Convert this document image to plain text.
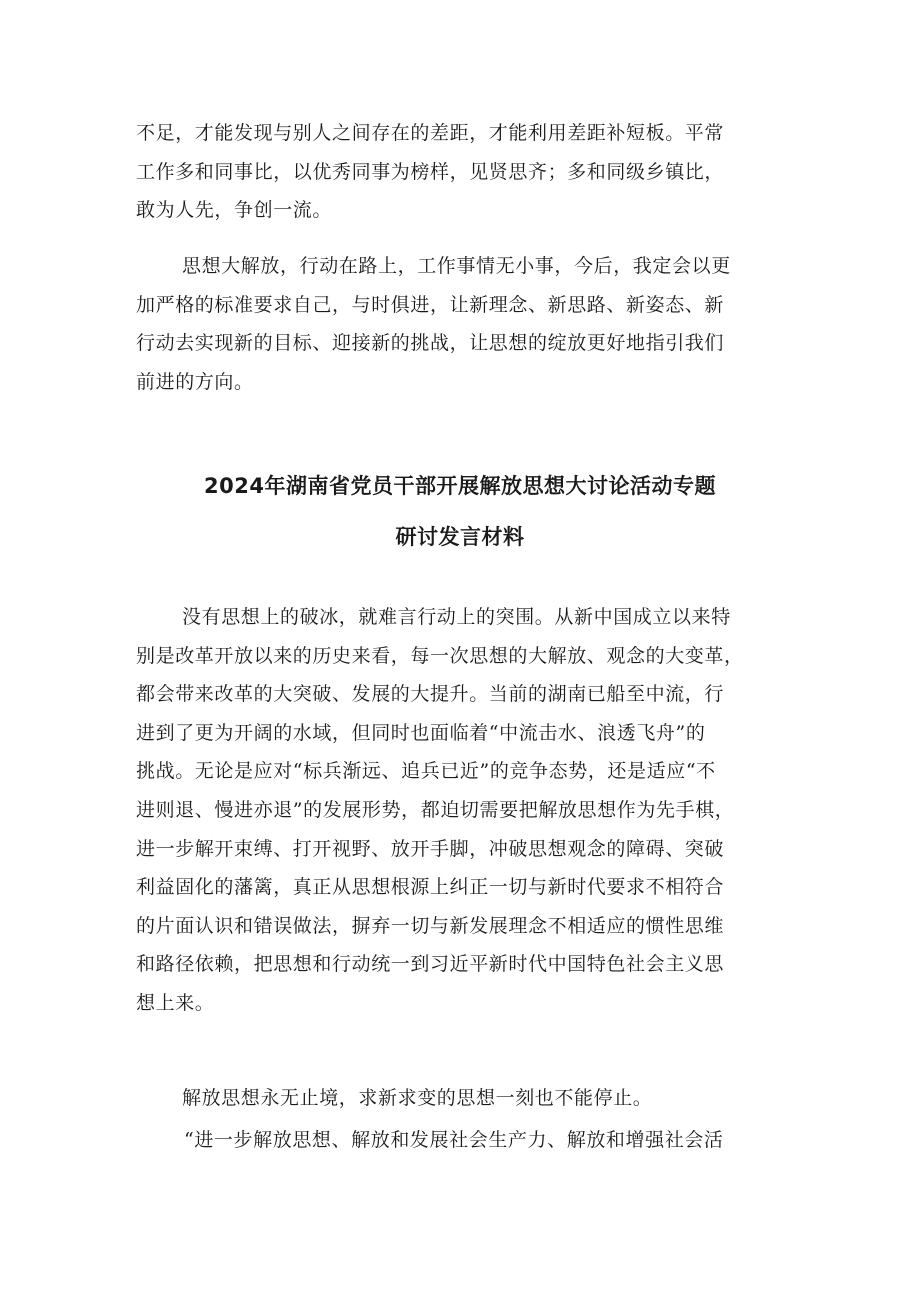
不足，才能发现与别人之间存在的差距，才能利用差距补短板。平常
工作多和同事比，以优秀同事为榜样，见贤思齐；多和同级乡镇比，
敢为人先，争创一流。
思想大解放，行动在路上，工作事情无小事，今后，我定会以更
加严格的标准要求自己，与时俱进，让新理念、新思路、新姿态、新
行动去实现新的目标、迎接新的挑战，让思想的绽放更好地指引我们
前进的方向。
2024年湖南省党员干部开展解放思想大讨论活动专题
研讨发言材料
没有思想上的破冰，就难言行动上的突围。从新中国成立以来特
别是改革开放以来的历史来看，每一次思想的大解放、观念的大变革，
都会带来改革的大突破、发展的大提升。当前的湖南已船至中流，行
进到了更为开阔的水域，但同时也面临着“中流击水、浪透飞舟”的
挑战。无论是应对“标兵渐远、追兵已近”的竞争态势，还是适应“不
进则退、慢进亦退”的发展形势，都迫切需要把解放思想作为先手棋，
进一步解开束缚、打开视野、放开手脚，冲破思想观念的障碍、突破
利益固化的藩篱，真正从思想根源上纠正一切与新时代要求不相符合
的片面认识和错误做法，摒弃一切与新发展理念不相适应的惯性思维
和路径依赖，把思想和行动统一到习近平新时代中国特色社会主义思
想上来。
解放思想永无止境，求新求变的思想一刻也不能停止。
“进一步解放思想、解放和发展社会生产力、解放和增强社会活
